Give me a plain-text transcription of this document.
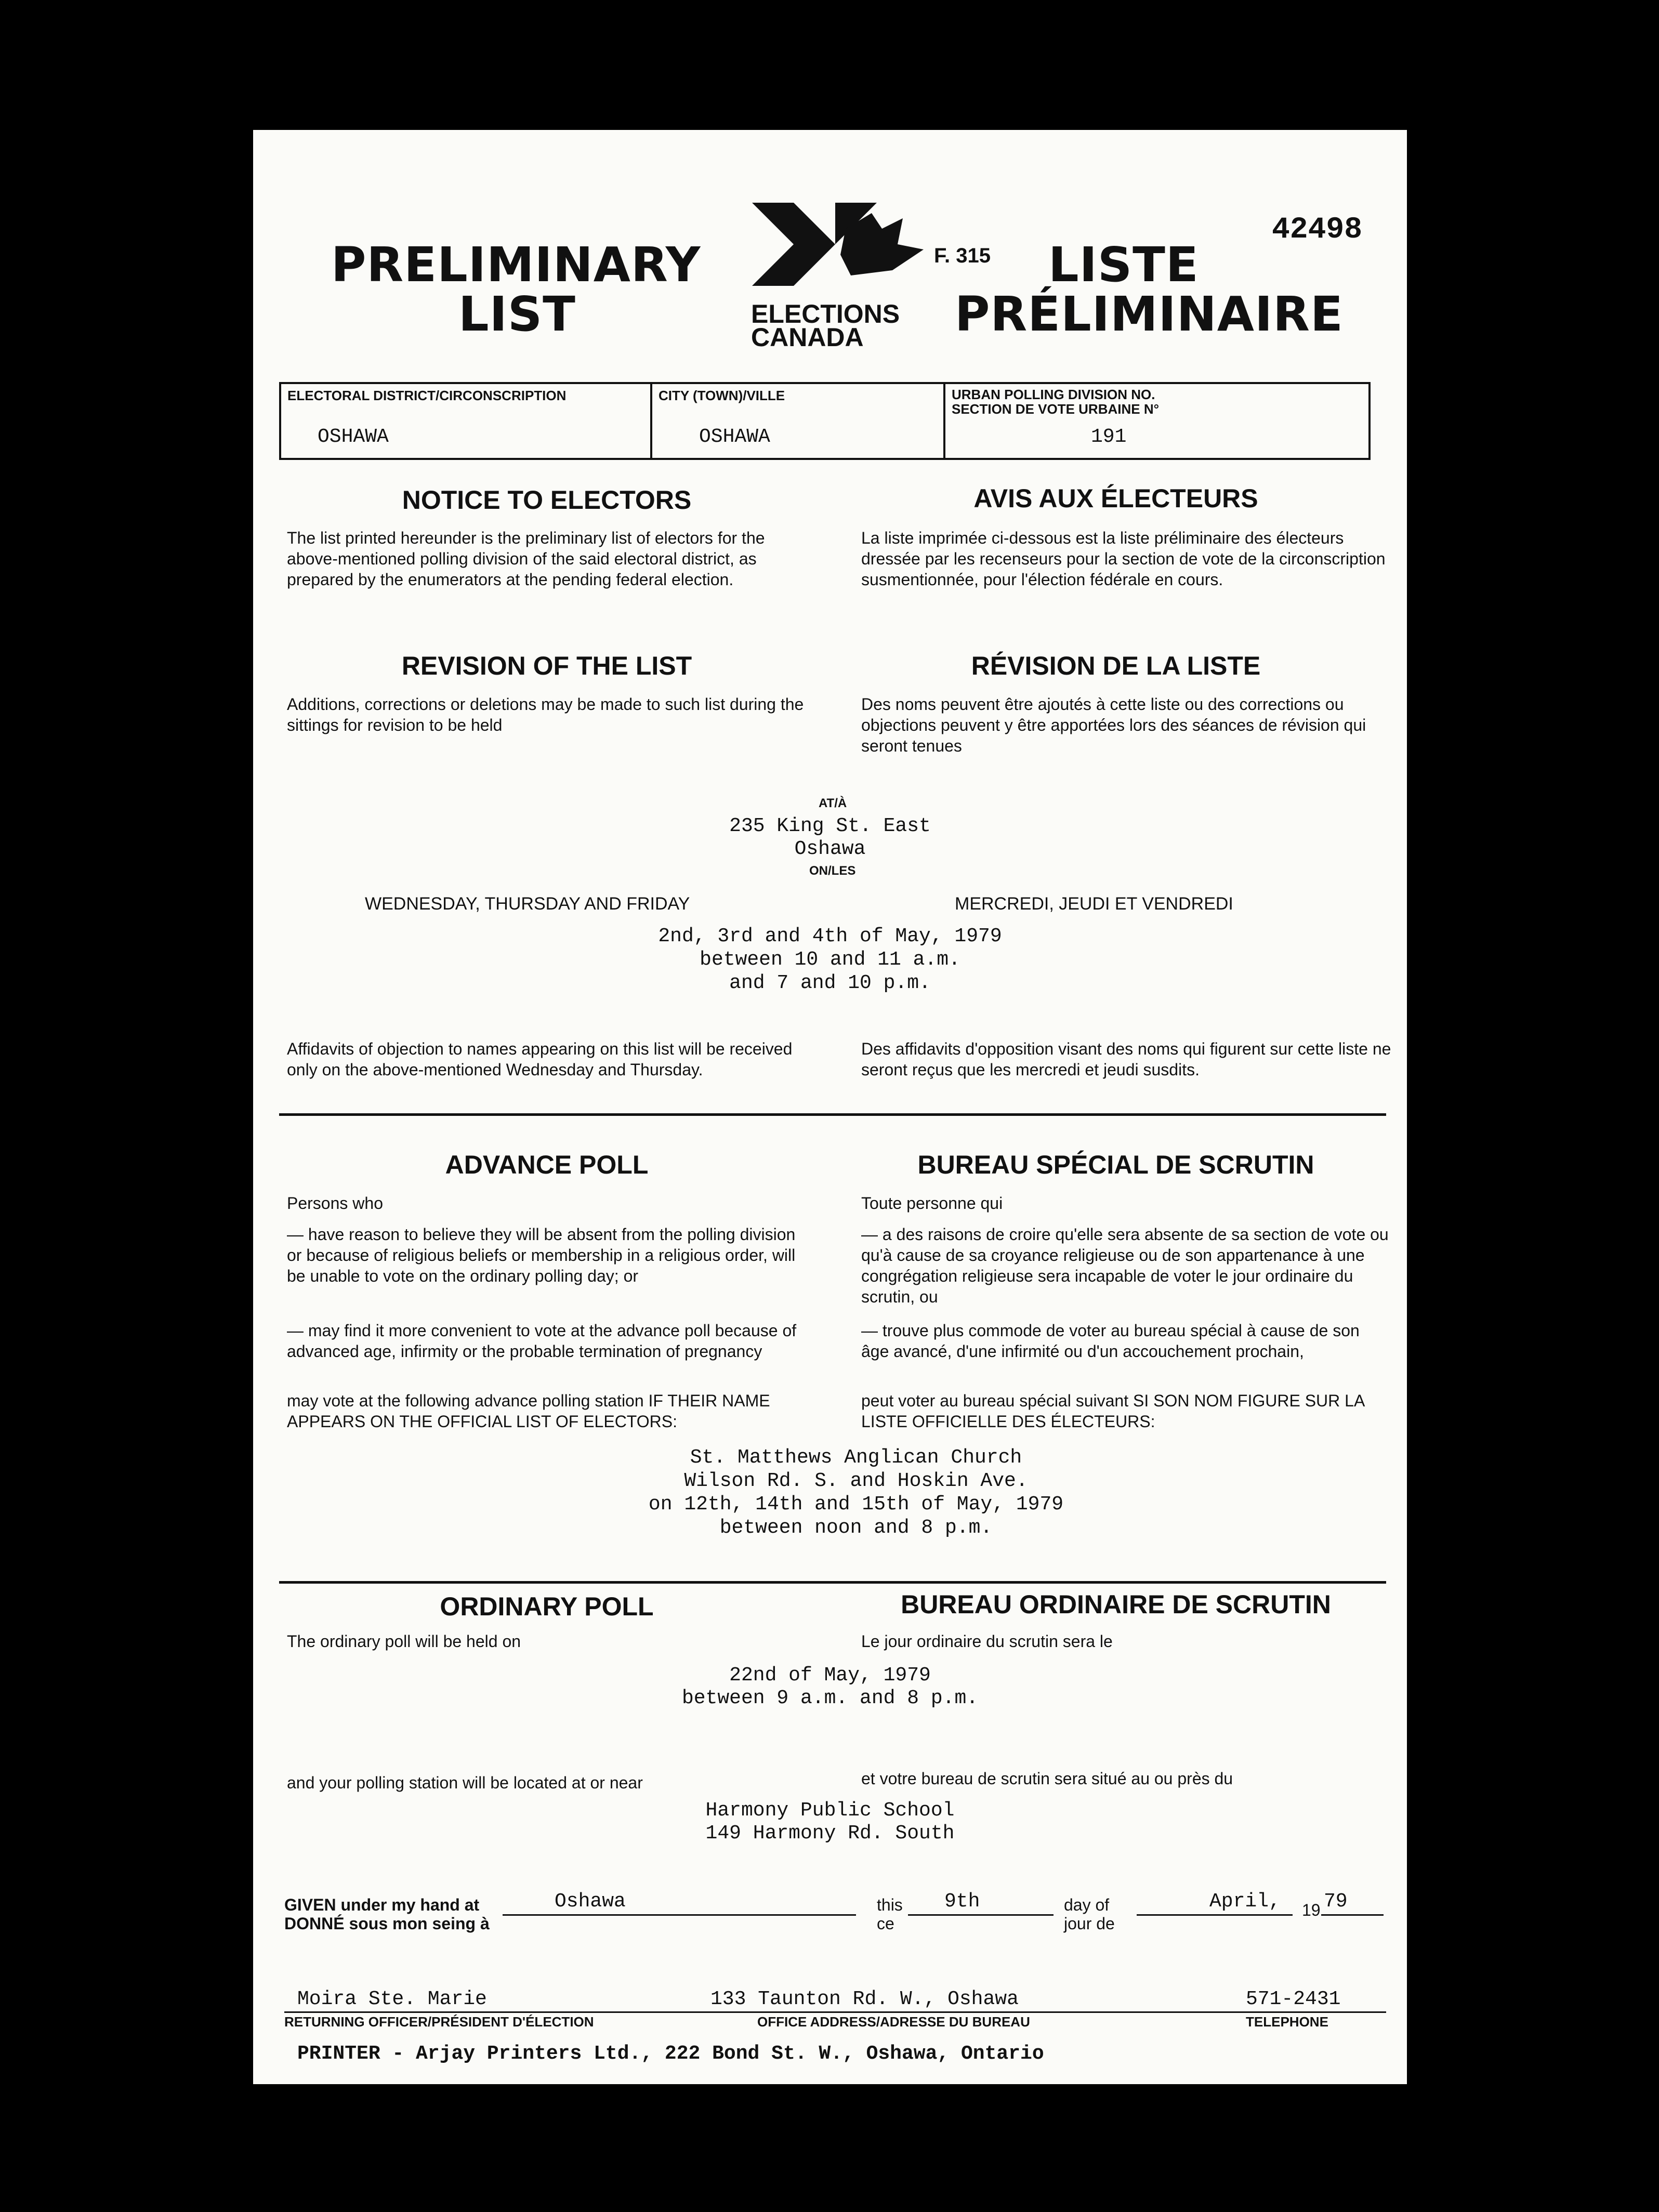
PRELIMINARY
LIST	ELECTIONS
CANADA
F. 315 LISTE
PRÉLIMINAIRE
42498
ELECTORAL DISTRICT/CIRCONSCRIPTION
OSHAWA
CITY (TOWN)/VILLE
OSHAWA
URBAN POLLING DIVISION NO.
SECTION DE VOTE URBAINE N°
191
NOTICE TO ELECTORS
The list printed hereunder is the preliminary list of electors for the above-mentioned polling division of the said electoral district, as prepared by the enumerators at the pending federal election.
AVIS AUX ÉLECTEURS
La liste imprimée ci-dessous est la liste préliminaire des électeurs dressée par les recenseurs pour la section de vote de la circonscription susmentionnée, pour l'élection fédérale en cours.
REVISION OF THE LIST
Additions, corrections or deletions may be made to such list during the sittings for revision to be held
RÉVISION DE LA LISTE
Des noms peuvent être ajoutés à cette liste ou des corrections ou objections peuvent y être apportées lors des séances de révision qui seront tenues
AT/À
235 King St. East
Oshawa
ON/LES
WEDNESDAY, THURSDAY AND FRIDAY	MERCREDI, JEUDI ET VENDREDI
2nd, 3rd and 4th of May, 1979
between 10 and 11 a.m.
and 7 and 10 p.m.
Affidavits of objection to names appearing on this list will be received only on the above-mentioned Wednesday and Thursday.
Des affidavits d'opposition visant des noms qui figurent sur cette liste ne seront reçus que les mercredi et jeudi susdits.
ADVANCE POLL	BUREAU SPÉCIAL DE SCRUTIN
Persons who	Toute personne qui
— have reason to believe they will be absent from the polling division or because of religious beliefs or membership in a religious order, will be unable to vote on the ordinary polling day; or
— may find it more convenient to vote at the advance poll because of advanced age, infirmity or the probable termination of pregnancy
— a des raisons de croire qu'elle sera absente de sa section de vote ou qu'à cause de sa croyance religieuse ou de son appartenance à une congrégation religieuse sera incapable de voter le jour ordinaire du scrutin, ou
— trouve plus commode de voter au bureau spécial à cause de son âge avancé, d'une infirmité ou d'un accouchement prochain,
may vote at the following advance polling station IF THEIR NAME APPEARS ON THE OFFICIAL LIST OF ELECTORS:
peut voter au bureau spécial suivant SI SON NOM FIGURE SUR LA LISTE OFFICIELLE DES ÉLECTEURS:
St. Matthews Anglican Church
Wilson Rd. S. and Hoskin Ave.
on 12th, 14th and 15th of May, 1979
between noon and 8 p.m.
ORDINARY POLL	BUREAU ORDINAIRE DE SCRUTIN
The ordinary poll will be held on	Le jour ordinaire du scrutin sera le
22nd of May, 1979
between 9 a.m. and 8 p.m.
and your polling station will be located at or near	et votre bureau de scrutin sera situé au ou près du
Harmony Public School
149 Harmony Rd. South
GIVEN under my hand at
DONNÉ sous mon seing à
Oshawa	this
ce
9th	day of
jour de
April, 19 79
Moira Ste. Marie	133 Taunton Rd. W., Oshawa	571-2431
RETURNING OFFICER/PRÉSIDENT D'ÉLECTION	OFFICE ADDRESS/ADRESSE DU BUREAU	TELEPHONE
PRINTER - Arjay Printers Ltd., 222 Bond St. W., Oshawa, Ontario
